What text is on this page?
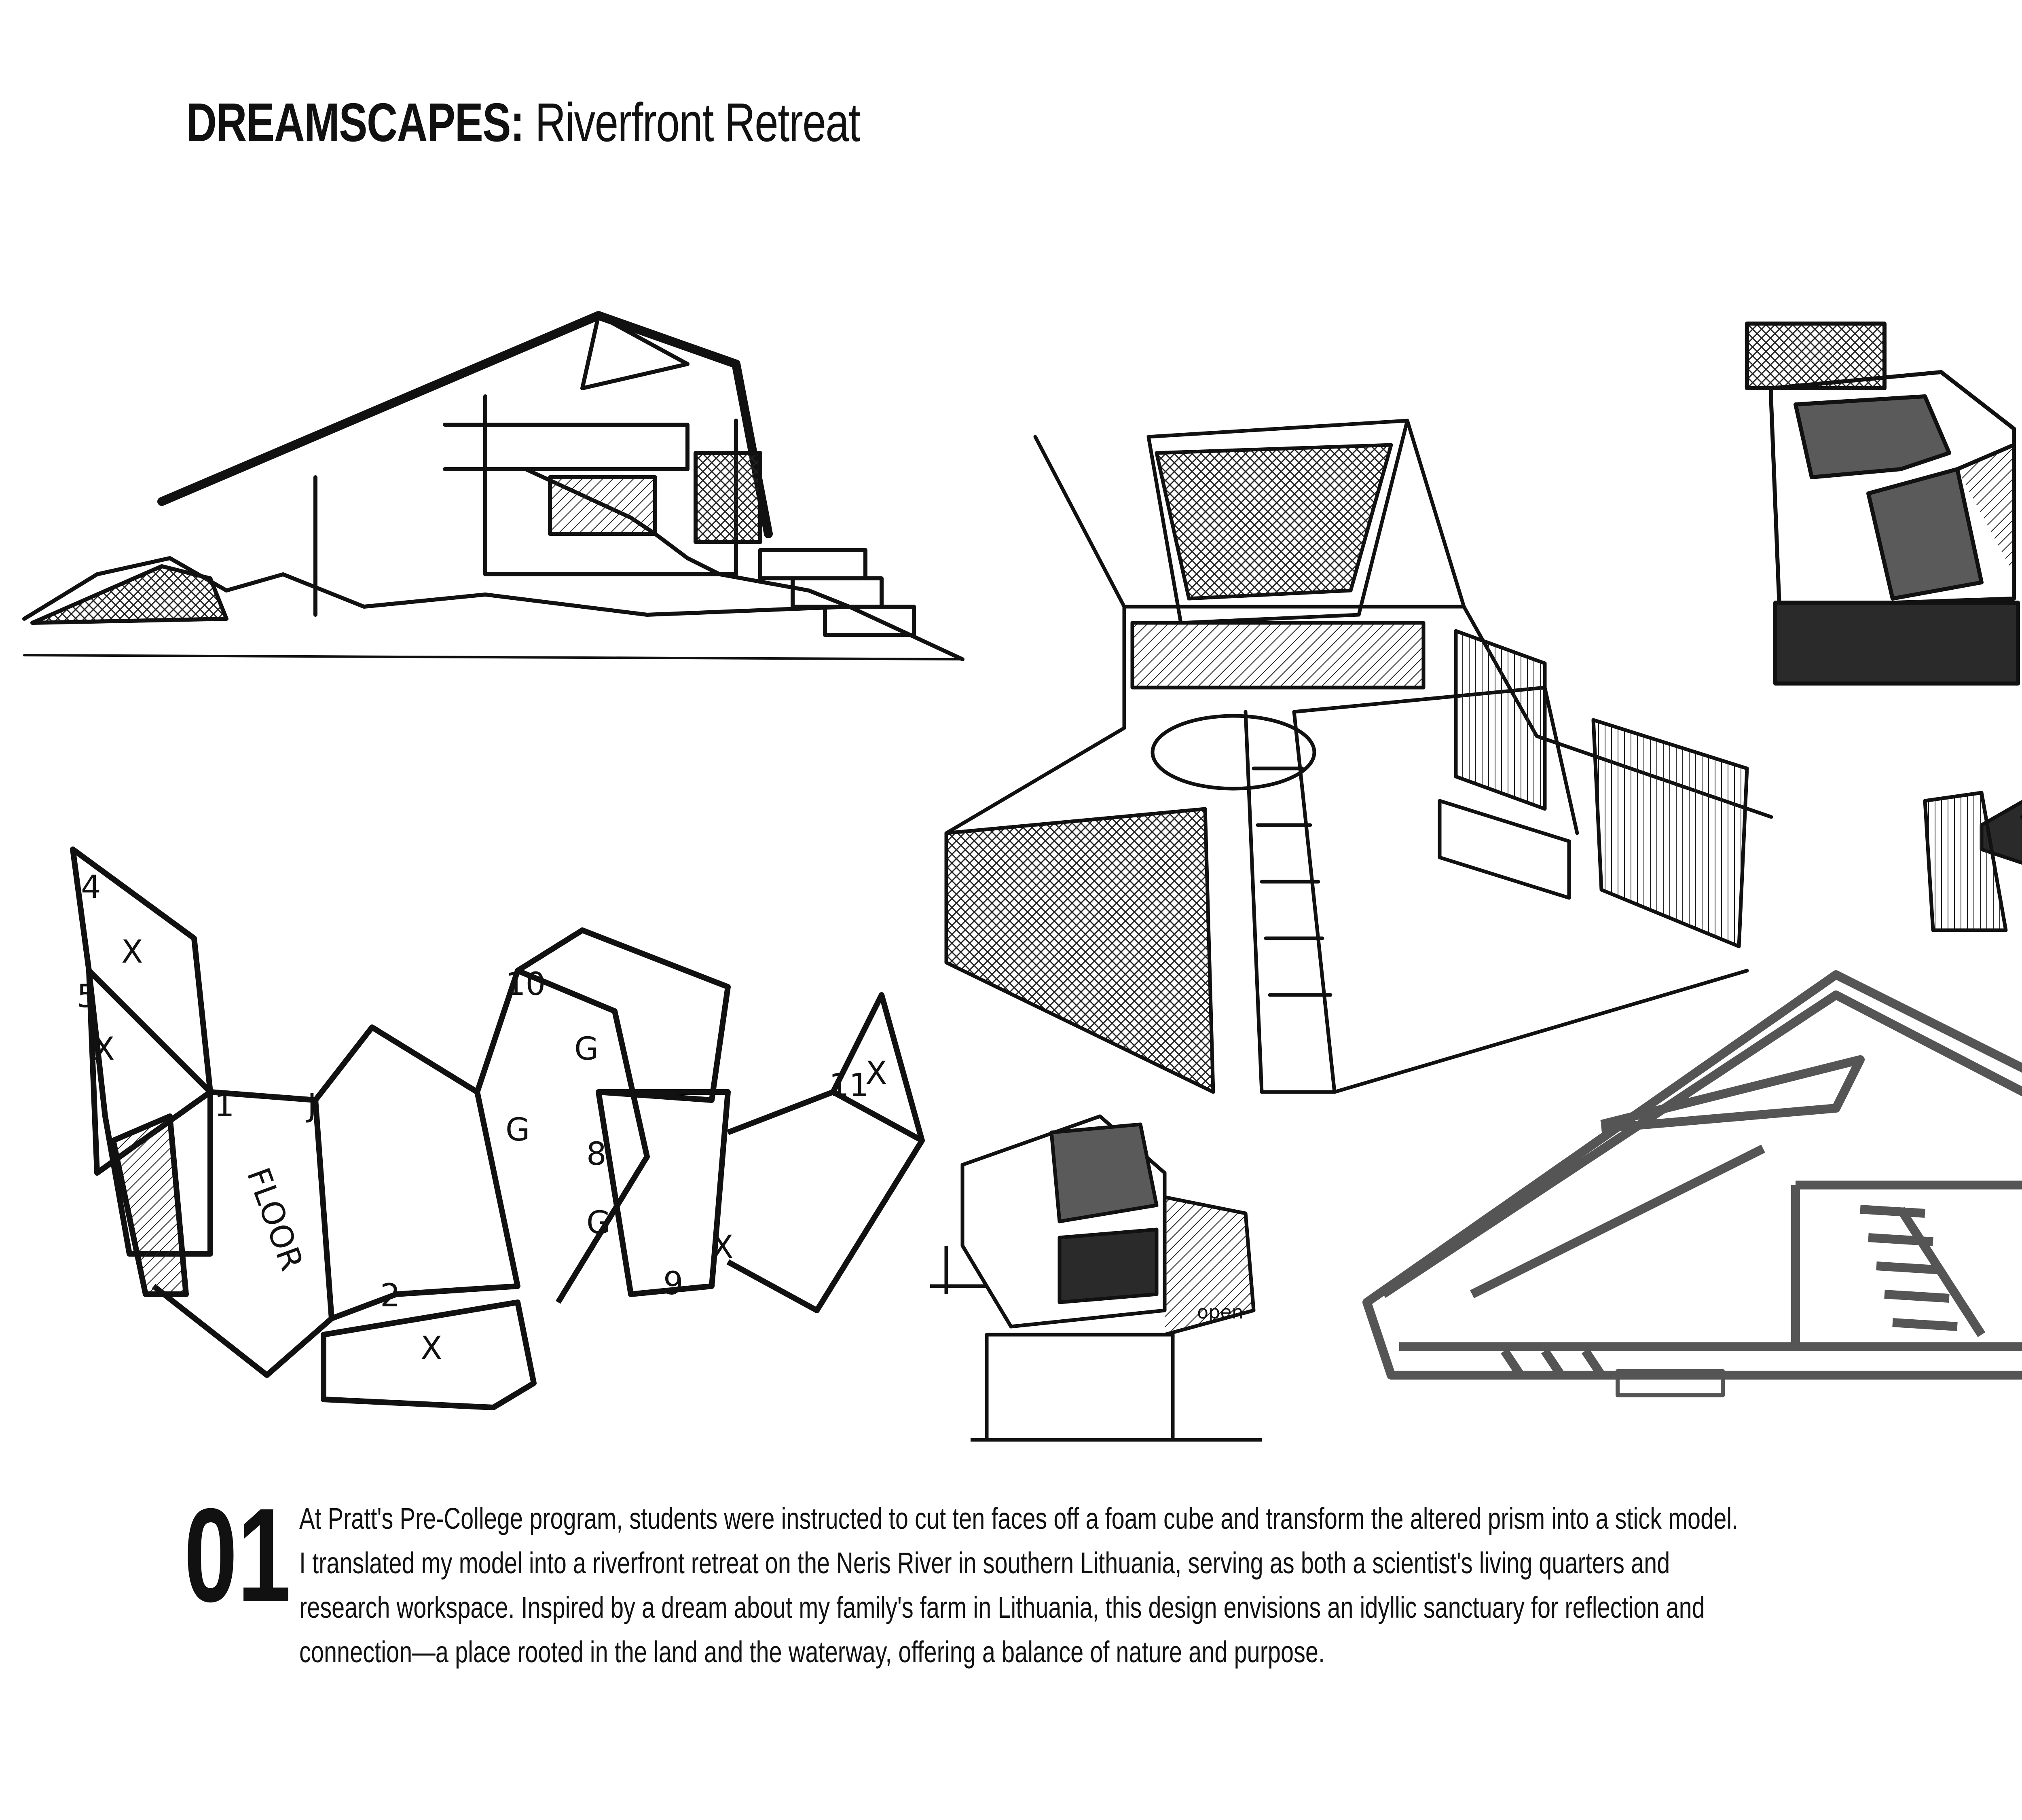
DREAMSCAPES: Riverfront Retreat
4
5
1 J
10
G
2	9
11
8
FLOOR
G
G
X
X
X
X
X
open
01 At Pratt's Pre-College program, students were instructed to cut ten faces off a foam cube and transform the altered prism into a stick model.

I translated my model into a riverfront retreat on the Neris River in southern Lithuania, serving as both a scientist's living quarters and

research workspace. Inspired by a dream about my family's farm in Lithuania, this design envisions an idyllic sanctuary for reflection and

connection—a place rooted in the land and the waterway, offering a balance of nature and purpose.
